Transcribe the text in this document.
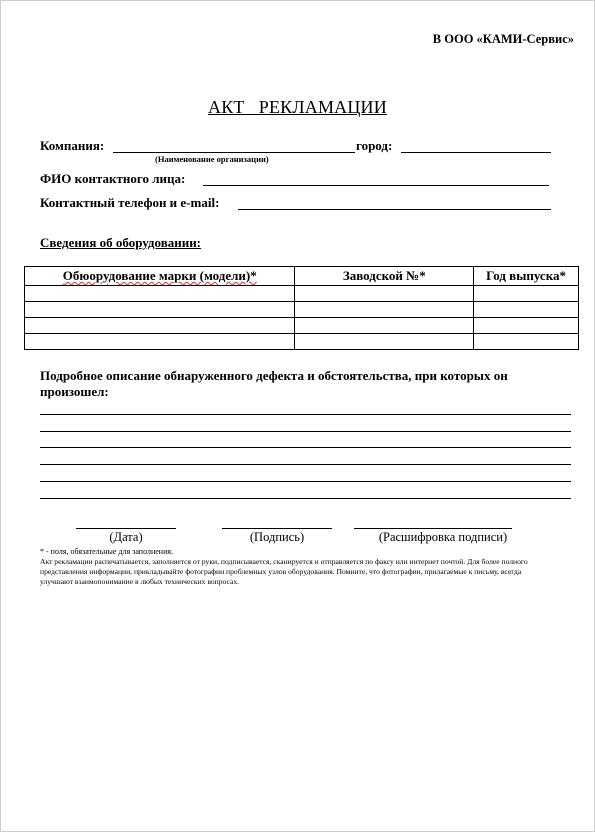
В ООО «КАМИ-Сервис»
АКТ   РЕКЛАМАЦИИ
Компания:	город:
(Наименование организации)
ФИО контактного лица:
Контактный телефон и e-mail:
Сведения об оборудовании:
Обюорудование марки (модели)*	Заводской №*	Год выпуска*

Подробное описание обнаруженного дефекта и обстоятельства, при которых он
произошел:
(Дата)	(Подпись)	(Расшифровка подписи)
* - поля, обязательные для заполнения.
Акт рекламации распечатывается, заполняется от руки, подписывается, сканируется и отправляется по факсу или интернет почтой. Для более полного
представления информации, прикладывайте фотографии проблемных узлов оборудования. Помните, что фотографии, прилагаемые к письму, всегда
улучшают взаимопонимание в любых технических вопросах.
